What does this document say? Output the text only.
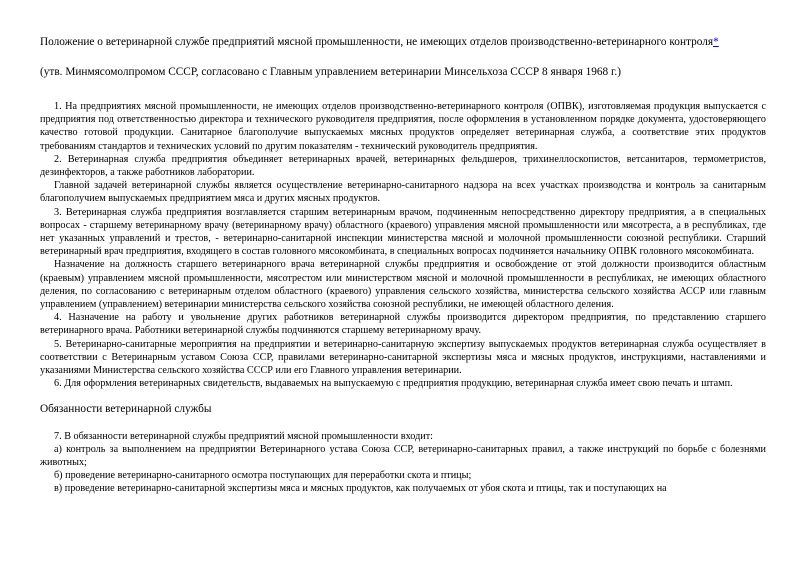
Положение о ветеринарной службе предприятий мясной промышленности, не имеющих отделов производственно-ветеринарного контроля*
(утв. Минмясомолпромом СССР, согласовано с Главным управлением ветеринарии Минсельхоза СССР 8 января 1968 г.)

1. На предприятиях мясной промышленности, не имеющих отделов производственно-ветеринарного контроля (ОПВК), изготовляемая продукция выпускается с предприятия под ответственностью директора и технического руководителя предприятия, после оформления в установленном порядке документа, удостоверяющего качество готовой продукции. Санитарное благополучие выпускаемых мясных продуктов определяет ветеринарная служба, а соответствие этих продуктов требованиям стандартов и технических условий по другим показателям - технический руководитель предприятия.

2. Ветеринарная служба предприятия объединяет ветеринарных врачей, ветеринарных фельдшеров, трихинеллоскопистов, ветсанитаров, термометристов, дезинфекторов, а также работников лаборатории.

Главной задачей ветеринарной службы является осуществление ветеринарно-санитарного надзора на всех участках производства и контроль за санитарным благополучием выпускаемых предприятием мяса и других мясных продуктов.

3. Ветеринарная служба предприятия возглавляется старшим ветеринарным врачом, подчиненным непосредственно директору предприятия, а в специальных вопросах - старшему ветеринарному врачу (ветеринарному врачу) областного (краевого) управления мясной промышленности или мясотреста, а в республиках, где нет указанных управлений и трестов, - ветеринарно-санитарной инспекции министерства мясной и молочной промышленности союзной республики. Старший ветеринарный врач предприятия, входящего в состав головного мясокомбината, в специальных вопросах подчиняется начальнику ОПВК головного мясокомбината.

Назначение на должность старшего ветеринарного врача ветеринарной службы предприятия и освобождение от этой должности производится областным (краевым) управлением мясной промышленности, мясотрестом или министерством мясной и молочной промышленности в республиках, не имеющих областного деления, по согласованию с ветеринарным отделом областного (краевого) управления сельского хозяйства, министерства сельского хозяйства АССР или главным управлением (управлением) ветеринарии министерства сельского хозяйства союзной республики, не имеющей областного деления.

4. Назначение на работу и увольнение других работников ветеринарной службы производится директором предприятия, по представлению старшего ветеринарного врача. Работники ветеринарной службы подчиняются старшему ветеринарному врачу.

5. Ветеринарно-санитарные мероприятия на предприятии и ветеринарно-санитарную экспертизу выпускаемых продуктов ветеринарная служба осуществляет в соответствии с Ветеринарным уставом Союза ССР, правилами ветеринарно-санитарной экспертизы мяса и мясных продуктов, инструкциями, наставлениями и указаниями Министерства сельского хозяйства СССР или его Главного управления ветеринарии.

6. Для оформления ветеринарных свидетельств, выдаваемых на выпускаемую с предприятия продукцию, ветеринарная служба имеет свою печать и штамп.

Обязанности ветеринарной службы

7. В обязанности ветеринарной службы предприятий мясной промышленности входит:

а) контроль за выполнением на предприятии Ветеринарного устава Союза ССР, ветеринарно-санитарных правил, а также инструкций по борьбе с болезнями животных;

б) проведение ветеринарно-санитарного осмотра поступающих для переработки скота и птицы;

в) проведение ветеринарно-санитарной экспертизы мяса и мясных продуктов, как получаемых от убоя скота и птицы, так и поступающих на
